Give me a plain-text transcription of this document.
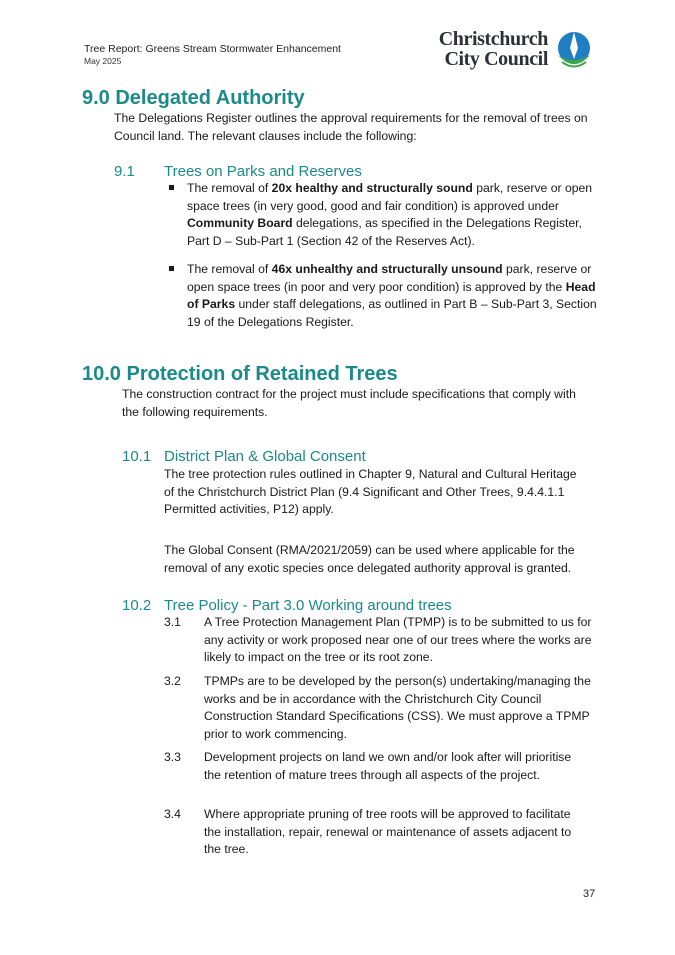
Tree Report: Greens Stream Stormwater Enhancement
May 2025
Christchurch
City Council
9.0 Delegated Authority

The Delegations Register outlines the approval requirements for the removal of trees on Council land. The relevant clauses include the following:

9.1 Trees on Parks and Reserves

The removal of 20x healthy and structurally sound park, reserve or open space trees (in very good, good and fair condition) is approved under Community Board delegations, as specified in the Delegations Register, Part D – Sub-Part 1 (Section 42 of the Reserves Act).

The removal of 46x unhealthy and structurally unsound park, reserve or open space trees (in poor and very poor condition) is approved by the Head of Parks under staff delegations, as outlined in Part B – Sub-Part 3, Section 19 of the Delegations Register.

10.0 Protection of Retained Trees

The construction contract for the project must include specifications that comply with the following requirements.

10.1 District Plan & Global Consent

The tree protection rules outlined in Chapter 9, Natural and Cultural Heritage of the Christchurch District Plan (9.4 Significant and Other Trees, 9.4.4.1.1 Permitted activities, P12) apply.

The Global Consent (RMA/2021/2059) can be used where applicable for the removal of any exotic species once delegated authority approval is granted.

10.2 Tree Policy - Part 3.0 Working around trees
3.1 A Tree Protection Management Plan (TPMP) is to be submitted to us for any activity or work proposed near one of our trees where the works are likely to impact on the tree or its root zone.

3.2 TPMPs are to be developed by the person(s) undertaking/managing the works and be in accordance with the Christchurch City Council Construction Standard Specifications (CSS). We must approve a TPMP prior to work commencing.

3.3 Development projects on land we own and/or look after will prioritise the retention of mature trees through all aspects of the project.

3.4 Where appropriate pruning of tree roots will be approved to facilitate the installation, repair, renewal or maintenance of assets adjacent to the tree.

37
